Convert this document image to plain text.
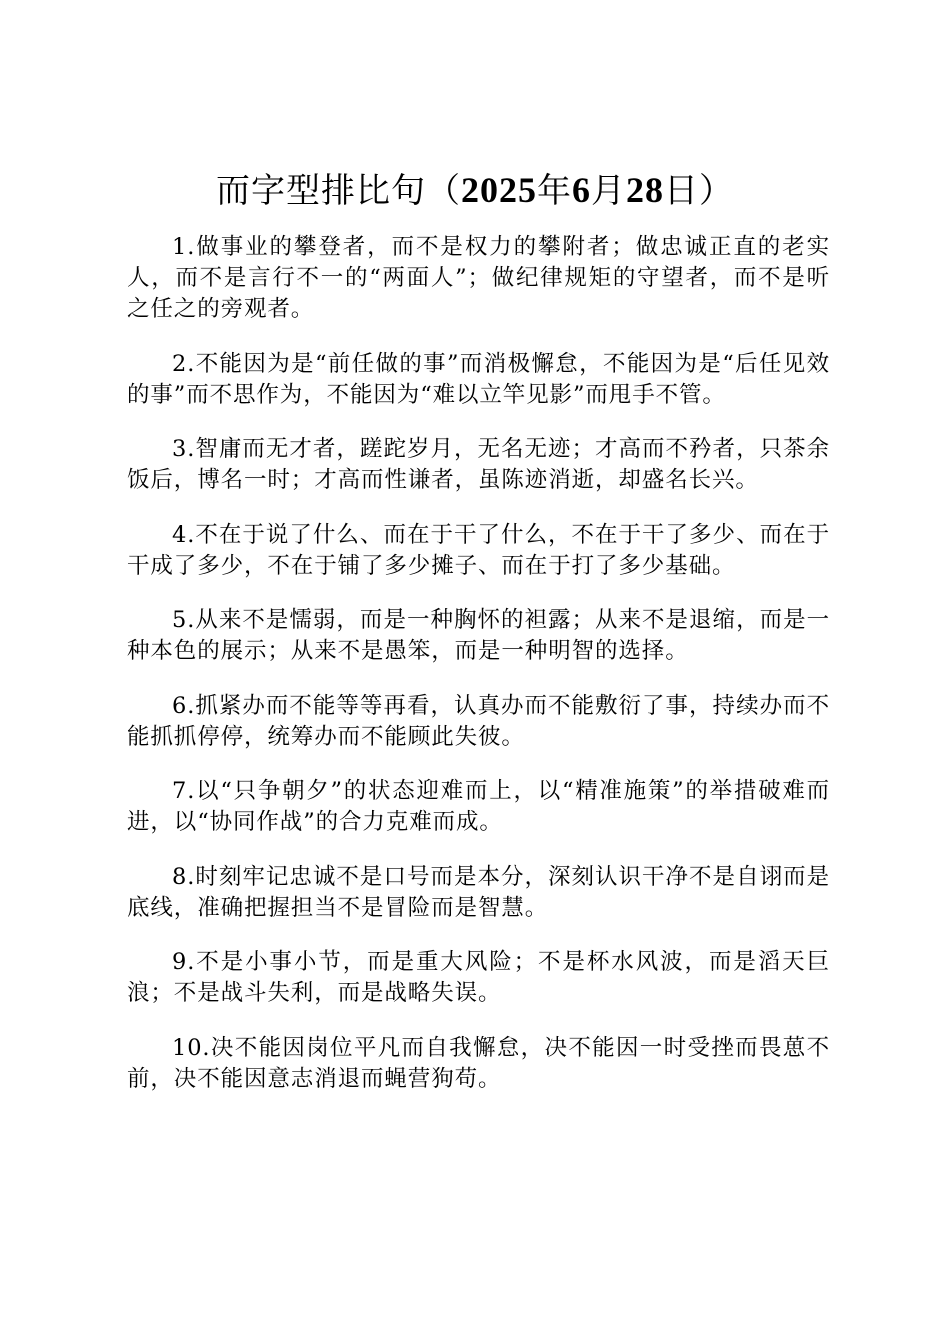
而字型排比句（2025年6月28日）

1.做事业的攀登者，而不是权力的攀附者；做忠诚正直的老实人，而不是言行不一的“两面人”；做纪律规矩的守望者，而不是听之任之的旁观者。

2.不能因为是“前任做的事”而消极懈怠，不能因为是“后任见效的事”而不思作为，不能因为“难以立竿见影”而甩手不管。

3.智庸而无才者，蹉跎岁月，无名无迹；才高而不矜者，只茶余饭后，博名一时；才高而性谦者，虽陈迹消逝，却盛名长兴。

4.不在于说了什么、而在于干了什么，不在于干了多少、而在于干成了多少，不在于铺了多少摊子、而在于打了多少基础。

5.从来不是懦弱，而是一种胸怀的袒露；从来不是退缩，而是一种本色的展示；从来不是愚笨，而是一种明智的选择。

6.抓紧办而不能等等再看，认真办而不能敷衍了事，持续办而不能抓抓停停，统筹办而不能顾此失彼。

7.以“只争朝夕”的状态迎难而上，以“精准施策”的举措破难而进，以“协同作战”的合力克难而成。

8.时刻牢记忠诚不是口号而是本分，深刻认识干净不是自诩而是底线，准确把握担当不是冒险而是智慧。

9.不是小事小节，而是重大风险；不是杯水风波，而是滔天巨浪；不是战斗失利，而是战略失误。

10.决不能因岗位平凡而自我懈怠，决不能因一时受挫而畏葸不前，决不能因意志消退而蝇营狗苟。
